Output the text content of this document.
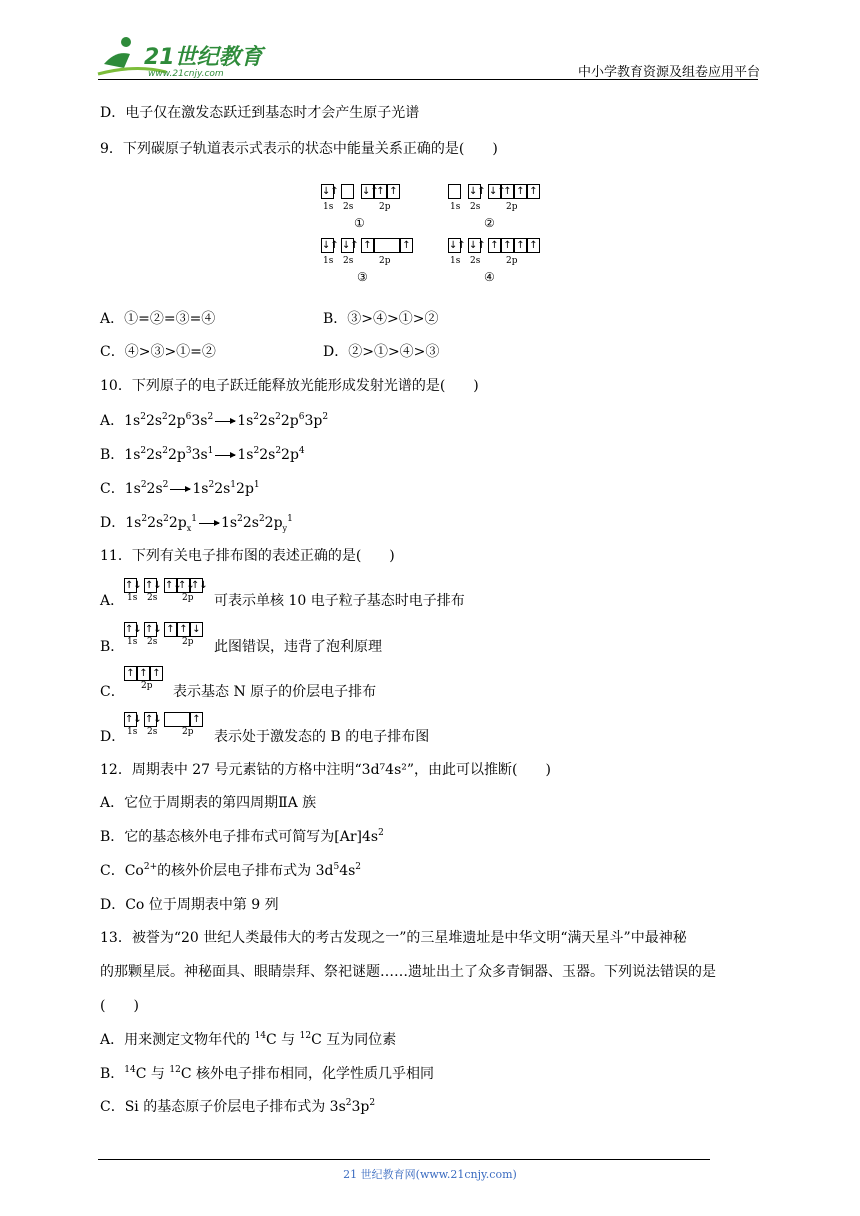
21世纪教育
www.21cnjy.com	中小学教育资源及组卷应用平台
D．电子仅在激发态跃迁到基态时才会产生原子光谱
9．下列碳原子轨道表示式表示的状态中能量关系正确的是(　　)
↓↑ ↓↑
↑ ↑
1s 2s	2p
①
↓↑ ↓↑
↑ ↑ ↑
1s 2s	2p
②
↓↑ ↓↑ ↑	↑
1s 2s	2p
③
↓↑ ↓↑ ↑ ↑ ↑ ↑
1s 2s	2p
④
A．①=②=③=④	B．③>④>①>②
C．④>③>①=②	D．②>①>④>③
10．下列原子的电子跃迁能释放光能形成发射光谱的是(　　)
A．$1s^22s^22p^63s^2$ $1s^22s^22p^63p^2$
B．$1s^22s^22p^33s^1$ $1s^22s^22p^4$
C．$1s^22s^2$ $1s^22s^12p^1$
D．$1s^22s^22p_x^1$ $1s^22s^22p_y^1$
11．下列有关电子排布图的表述正确的是(　　)
A．
↑↓ ↑↓ ↑↓
↑↓
↑↓
1s 2s	2p 可表示单核 10 电子粒子基态时电子排布
B．
↑↓ ↑↓ ↑ ↑ ↓
1s 2s	2p 此图错误，违背了泡利原理
C．
↑ ↑ ↑
2p 表示基态 N 原子的价层电子排布
D．
↑↓ ↑↓	↑
1s 2s	2p 表示处于激发态的 B 的电子排布图
12．周期表中 27 号元素钴的方格中注明“3d⁷4s²”，由此可以推断(　　)
A．它位于周期表的第四周期ⅡA 族
B．它的基态核外电子排布式可简写为$[Ar]4s^2$
C．$Co^{2+}$的核外价层电子排布式为 $3d^54s^2$
D．Co 位于周期表中第 9 列
13．被誉为“20 世纪人类最伟大的考古发现之一”的三星堆遗址是中华文明“满天星斗”中最神秘
的那颗星辰。神秘面具、眼睛崇拜、祭祀谜题……遗址出土了众多青铜器、玉器。下列说法错误的是
(　　)
A．用来测定文物年代的 $^{14}$C 与 $^{12}$C 互为同位素
B．$^{14}$C 与 $^{12}$C 核外电子排布相同，化学性质几乎相同
C．Si 的基态原子价层电子排布式为 $3s^23p^2$
21 世纪教育网(www.21cnjy.com)
